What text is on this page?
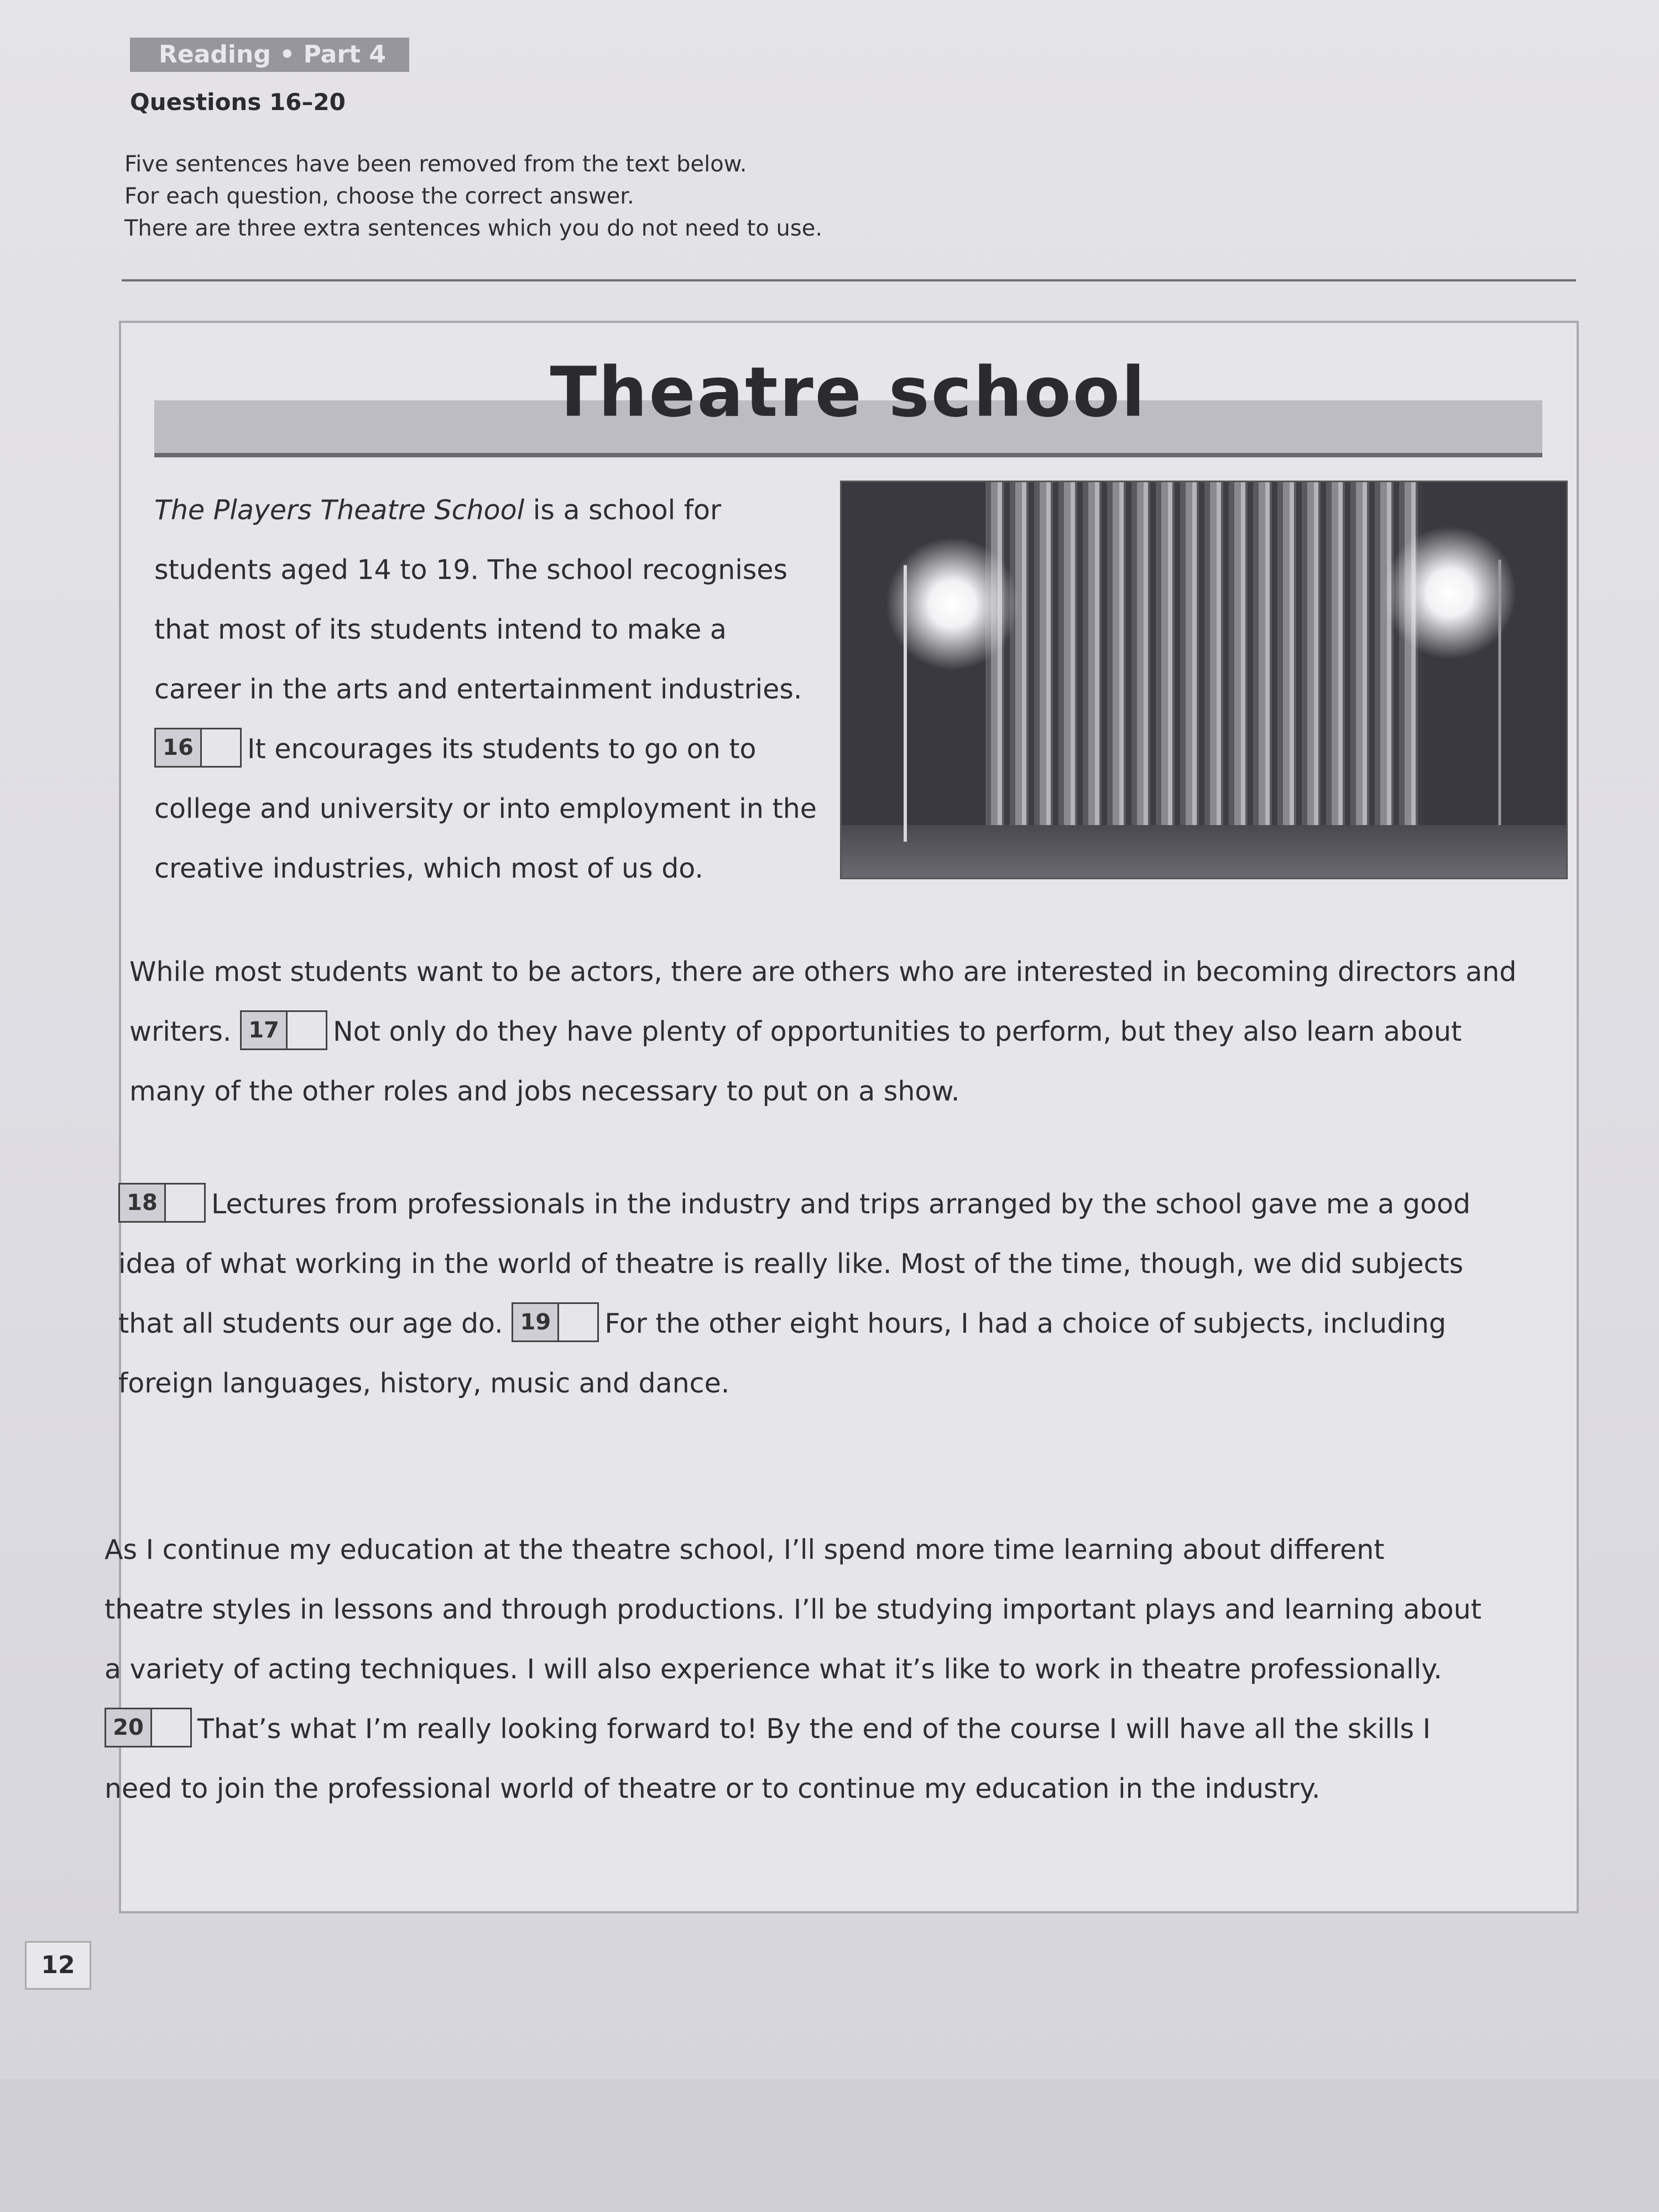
Reading • Part 4
Questions 16–20

Five sentences have been removed from the text below.

For each question, choose the correct answer.

There are three extra sentences which you do not need to use.

Theatre school

The Players Theatre School is a school for

students aged 14 to 19. The school recognises

that most of its students intend to make a

career in the arts and entertainment industries.

16	It encourages its students to go on to

college and university or into employment in the

creative industries, which most of us do.

While most students want to be actors, there are others who are interested in becoming directors and

writers. 17	Not only do they have plenty of opportunities to perform, but they also learn about

many of the other roles and jobs necessary to put on a show.

18	Lectures from professionals in the industry and trips arranged by the school gave me a good

idea of what working in the world of theatre is really like. Most of the time, though, we did subjects

that all students our age do. 19	For the other eight hours, I had a choice of subjects, including

foreign languages, history, music and dance.

As I continue my education at the theatre school, I’ll spend more time learning about different

theatre styles in lessons and through productions. I’ll be studying important plays and learning about

a variety of acting techniques. I will also experience what it’s like to work in theatre professionally.

20	That’s what I’m really looking forward to! By the end of the course I will have all the skills I

need to join the professional world of theatre or to continue my education in the industry.

12
